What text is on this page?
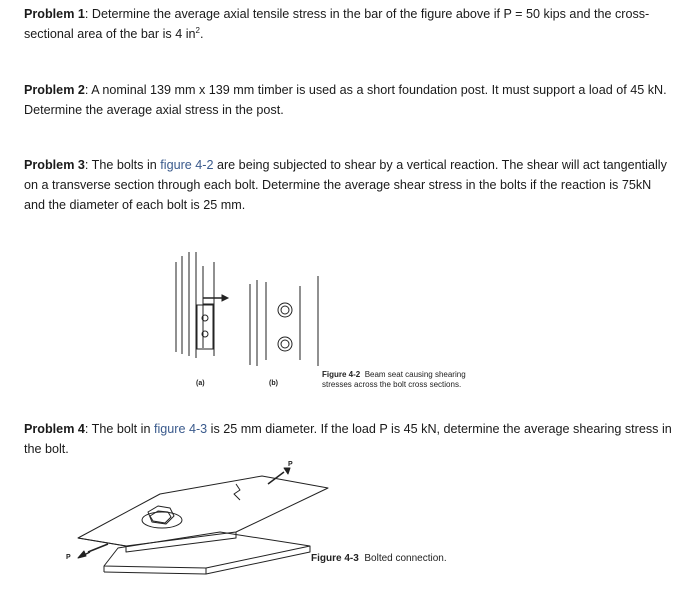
Problem 1: Determine the average axial tensile stress in the bar of the figure above if P = 50 kips and the cross-sectional area of the bar is 4 $in^2$.
Problem 2: A nominal 139 mm x 139 mm timber is used as a short foundation post. It must support a load of 45 kN. Determine the average axial stress in the post.
Problem 3: The bolts in figure 4-2 are being subjected to shear by a vertical reaction. The shear will act tangentially on a transverse section through each bolt. Determine the average shear stress in the bolts if the reaction is 75kN and the diameter of each bolt is 25 mm.
(a)	(b)
Figure 4-2 Beam seat causing shearing stresses across the bolt cross sections.
Problem 4: The bolt in figure 4-3 is 25 mm diameter. If the load P is 45 kN, determine the average shearing stress in the bolt.
P
P	Figure 4-3 Bolted connection.
